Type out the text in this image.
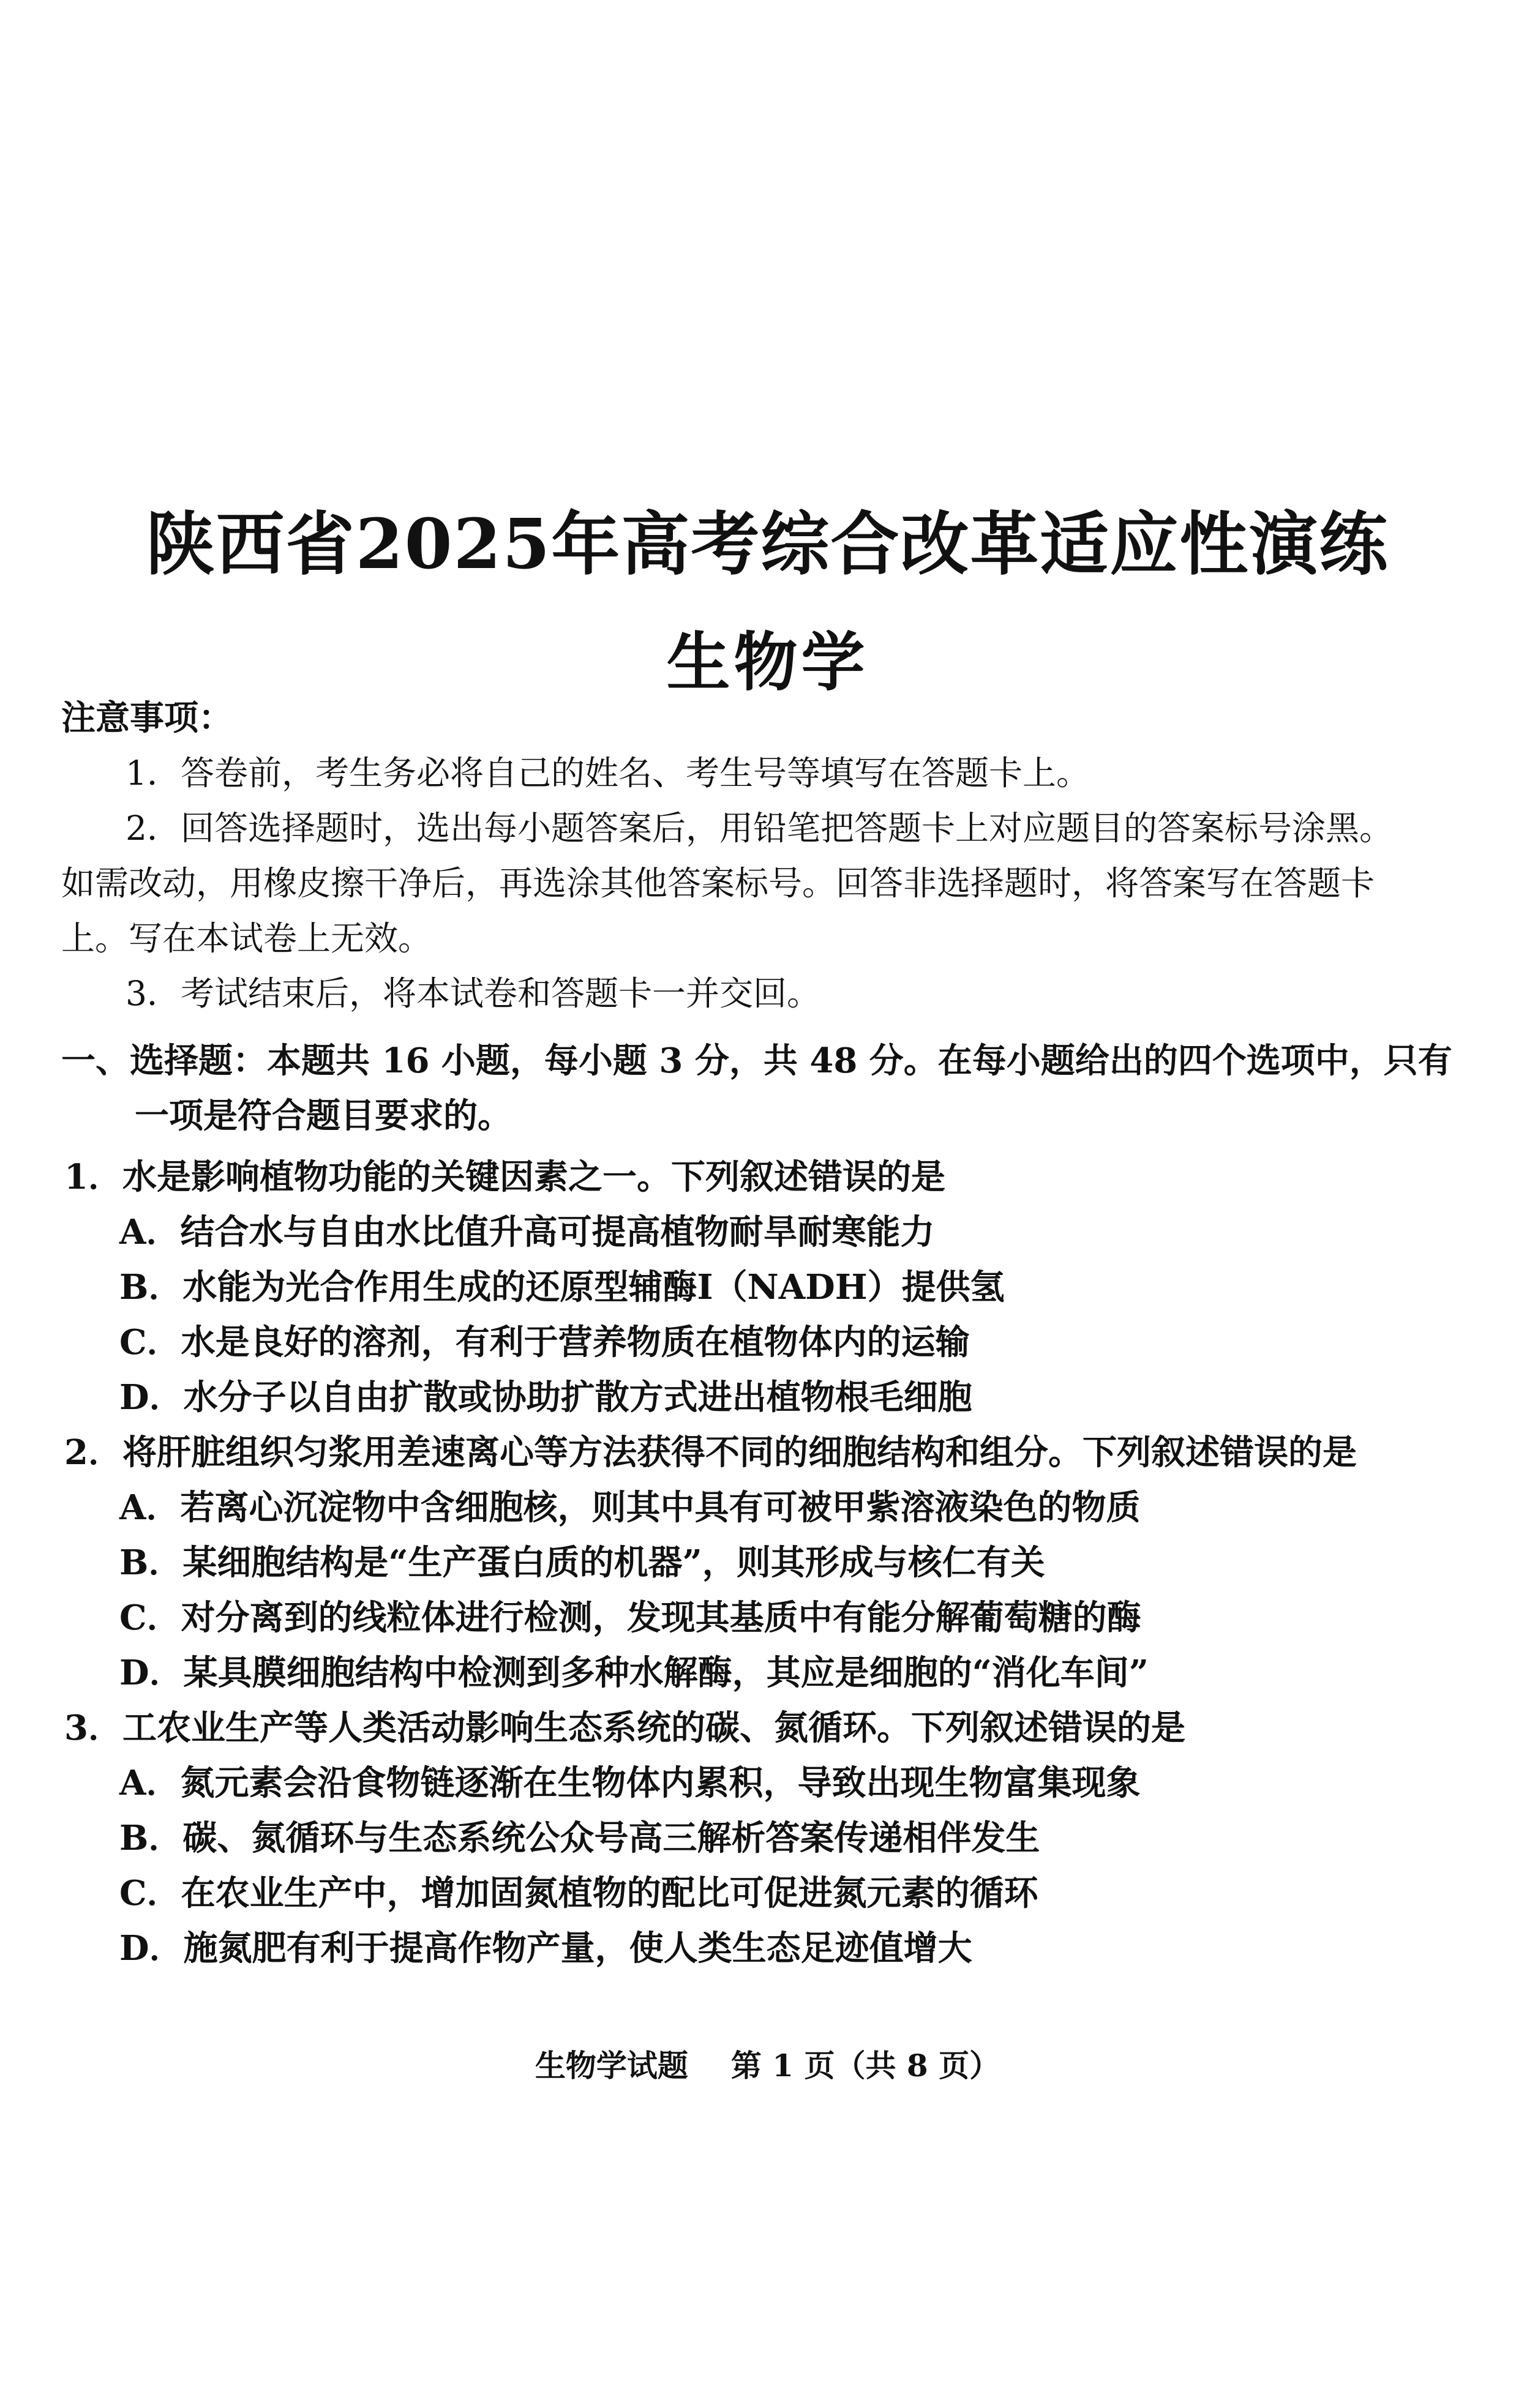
陕西省2025年高考综合改革适应性演练
生物学
注意事项：
1．答卷前，考生务必将自己的姓名、考生号等填写在答题卡上。
2．回答选择题时，选出每小题答案后，用铅笔把答题卡上对应题目的答案标号涂黑。
如需改动，用橡皮擦干净后，再选涂其他答案标号。回答非选择题时，将答案写在答题卡
上。写在本试卷上无效。
3．考试结束后，将本试卷和答题卡一并交回。
一、选择题：本题共 16 小题，每小题 3 分，共 48 分。在每小题给出的四个选项中，只有
一项是符合题目要求的。
1．水是影响植物功能的关键因素之一。下列叙述错误的是
A．结合水与自由水比值升高可提高植物耐旱耐寒能力
B．水能为光合作用生成的还原型辅酶I（NADH）提供氢
C．水是良好的溶剂，有利于营养物质在植物体内的运输
D．水分子以自由扩散或协助扩散方式进出植物根毛细胞
2．将肝脏组织匀浆用差速离心等方法获得不同的细胞结构和组分。下列叙述错误的是
A．若离心沉淀物中含细胞核，则其中具有可被甲紫溶液染色的物质
B．某细胞结构是“生产蛋白质的机器”，则其形成与核仁有关
C．对分离到的线粒体进行检测，发现其基质中有能分解葡萄糖的酶
D．某具膜细胞结构中检测到多种水解酶，其应是细胞的“消化车间”
3．工农业生产等人类活动影响生态系统的碳、氮循环。下列叙述错误的是
A．氮元素会沿食物链逐渐在生物体内累积，导致出现生物富集现象
B．碳、氮循环与生态系统公众号高三解析答案传递相伴发生
C．在农业生产中，增加固氮植物的配比可促进氮元素的循环
D．施氮肥有利于提高作物产量，使人类生态足迹值增大
生物学试题 第 1 页（共 8 页）
